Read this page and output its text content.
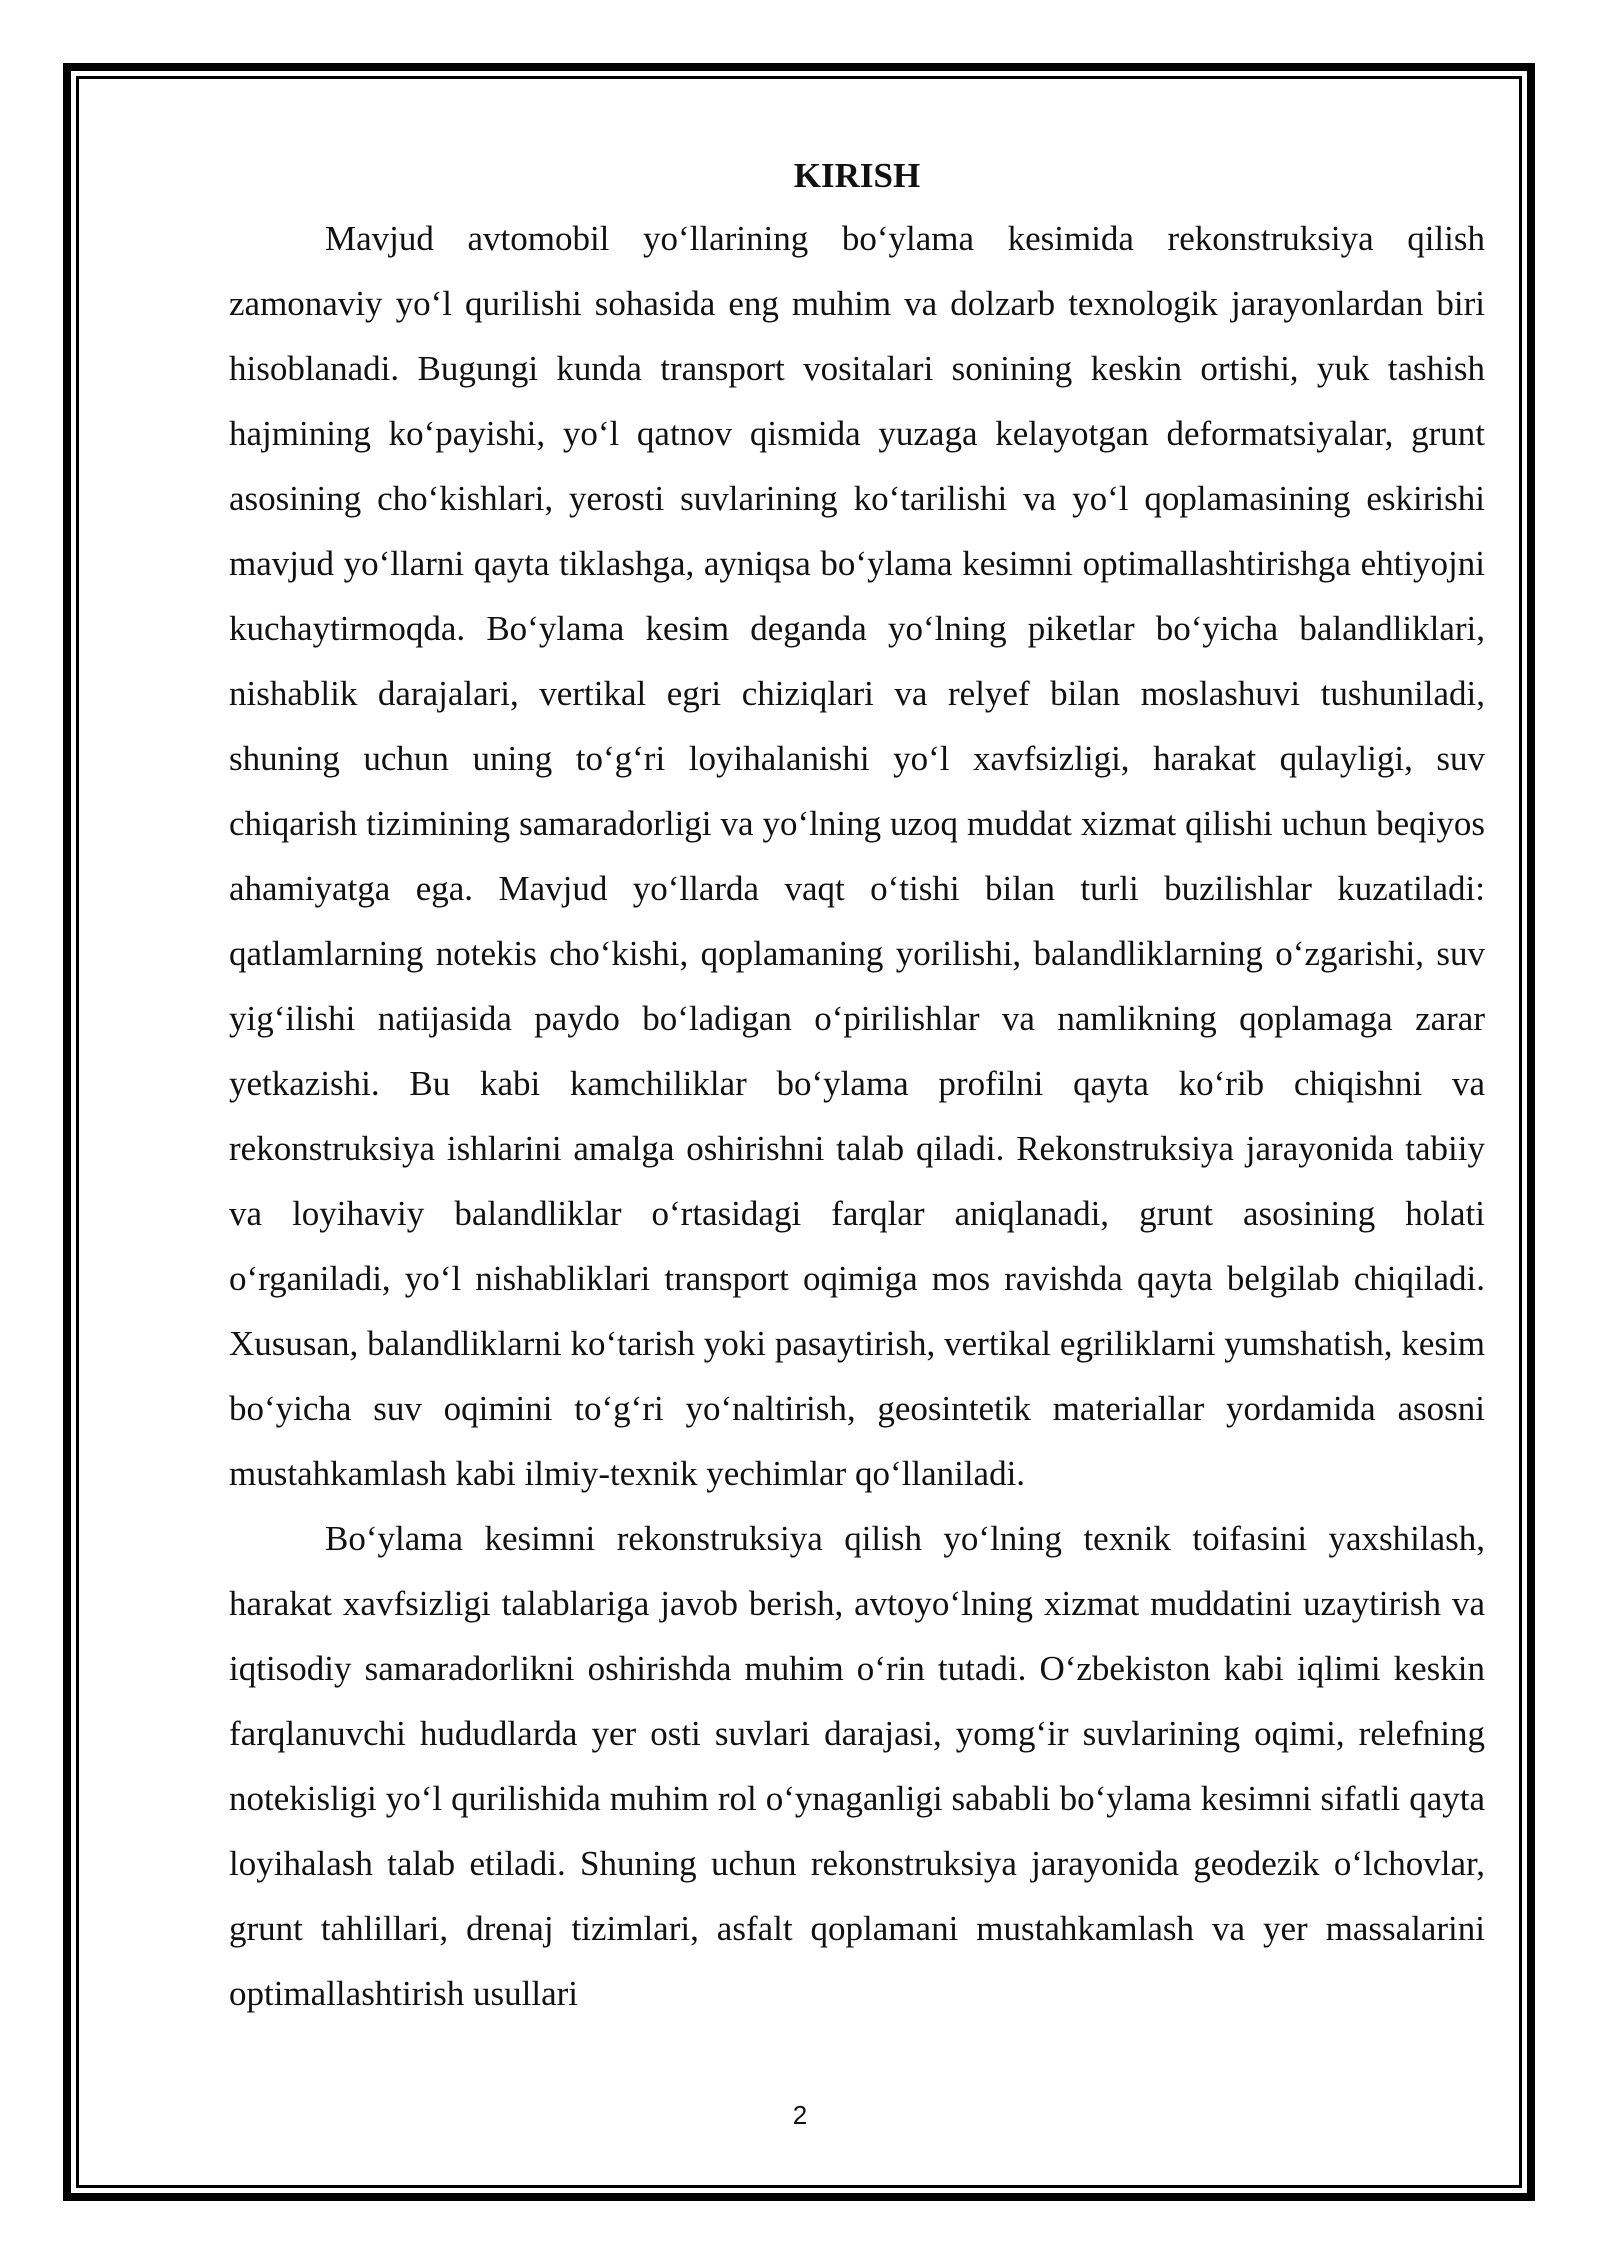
KIRISH

Mavjud avtomobil yo‘llarining bo‘ylama kesimida rekonstruksiya qilish zamonaviy yo‘l qurilishi sohasida eng muhim va dolzarb texnologik jarayonlardan biri hisoblanadi. Bugungi kunda transport vositalari sonining keskin ortishi, yuk tashish hajmining ko‘payishi, yo‘l qatnov qismida yuzaga kelayotgan deformatsiyalar, grunt asosining cho‘kishlari, yerosti suvlarining ko‘tarilishi va yo‘l qoplamasining eskirishi mavjud yo‘llarni qayta tiklashga, ayniqsa bo‘ylama kesimni optimallashtirishga ehtiyojni kuchaytirmoqda. Bo‘ylama kesim deganda yo‘lning piketlar bo‘yicha balandliklari, nishablik darajalari, vertikal egri chiziqlari va relyef bilan moslashuvi tushuniladi, shuning uchun uning to‘g‘ri loyihalanishi yo‘l xavfsizligi, harakat qulayligi, suv chiqarish tizimining samaradorligi va yo‘lning uzoq muddat xizmat qilishi uchun beqiyos ahamiyatga ega. Mavjud yo‘llarda vaqt o‘tishi bilan turli buzilishlar kuzatiladi: qatlamlarning notekis cho‘kishi, qoplamaning yorilishi, balandliklarning o‘zgarishi, suv yig‘ilishi natijasida paydo bo‘ladigan o‘pirilishlar va namlikning qoplamaga zarar yetkazishi. Bu kabi kamchiliklar bo‘ylama profilni qayta ko‘rib chiqishni va rekonstruksiya ishlarini amalga oshirishni talab qiladi. Rekonstruksiya jarayonida tabiiy va loyihaviy balandliklar o‘rtasidagi farqlar aniqlanadi, grunt asosining holati o‘rganiladi, yo‘l nishabliklari transport oqimiga mos ravishda qayta belgilab chiqiladi. Xususan, balandliklarni ko‘tarish yoki pasaytirish, vertikal egriliklarni yumshatish, kesim bo‘yicha suv oqimini to‘g‘ri yo‘naltirish, geosintetik materiallar yordamida asosni mustahkamlash kabi ilmiy-texnik yechimlar qo‘llaniladi.

Bo‘ylama kesimni rekonstruksiya qilish yo‘lning texnik toifasini yaxshilash, harakat xavfsizligi talablariga javob berish, avtoyo‘lning xizmat muddatini uzaytirish va iqtisodiy samaradorlikni oshirishda muhim o‘rin tutadi. O‘zbekiston kabi iqlimi keskin farqlanuvchi hududlarda yer osti suvlari darajasi, yomg‘ir suvlarining oqimi, relefning notekisligi yo‘l qurilishida muhim rol o‘ynaganligi sababli bo‘ylama kesimni sifatli qayta loyihalash talab etiladi. Shuning uchun rekonstruksiya jarayonida geodezik o‘lchovlar, grunt tahlillari, drenaj tizimlari, asfalt qoplamani mustahkamlash va yer massalarini optimallashtirish usullari

2
